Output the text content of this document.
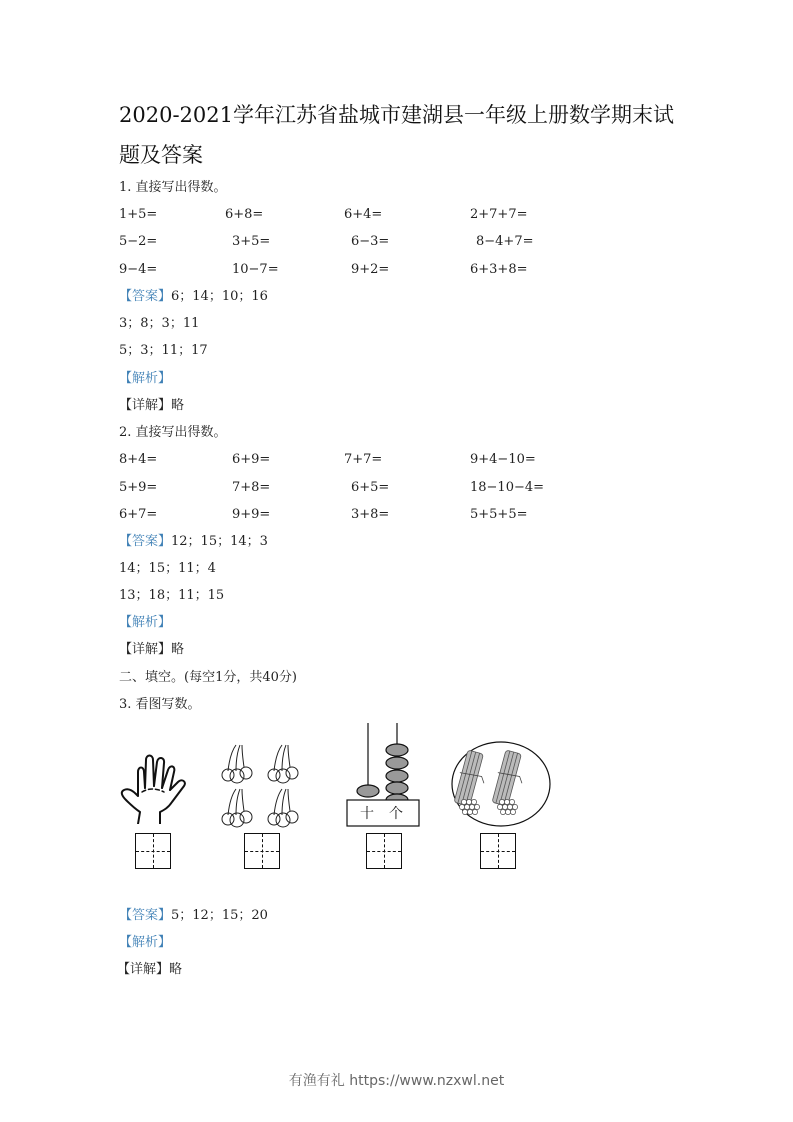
2020-2021学年江苏省盐城市建湖县一年级上册数学期末试
题及答案
1. 直接写出得数。
1+5=	6+8=	6+4=	2+7+7=
5−2=	3+5=	6−3=	8−4+7=
9−4=	10−7=	9+2=	6+3+8=
【答案】6；14；10；16
3；8；3；11
5；3；11；17
【解析】
【详解】略
2. 直接写出得数。
8+4=	6+9=	7+7=	9+4−10=
5+9=	7+8=	6+5=	18−10−4=
6+7=	9+9=	3+8=	5+5+5=
【答案】12；15；14；3
14；15；11；4
13；18；11；15
【解析】
【详解】略
二、填空。(每空1分，共40分)
3. 看图写数。
十 个
【答案】5；12；15；20
【解析】
【详解】略
有渔有礼 https://www.nzxwl.net
